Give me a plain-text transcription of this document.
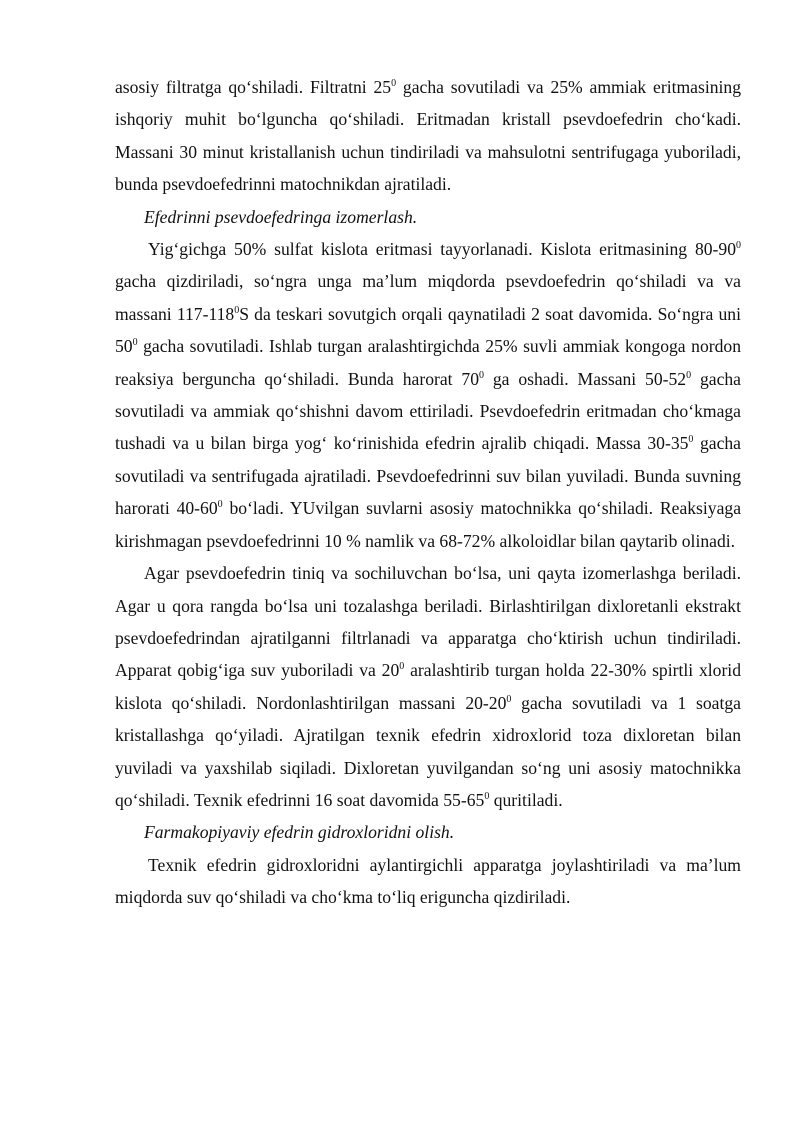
asosiy filtratga qo‘shiladi. Filtratni $25^0$ gacha sovutiladi va 25% ammiak eritmasining ishqoriy muhit bo‘lguncha qo‘shiladi. Eritmadan kristall psevdoefedrin cho‘kadi. Massani 30 minut kristallanish uchun tindiriladi va mahsulotni sentrifugaga yuboriladi, bunda psevdoefedrinni matochnikdan ajratiladi.

Efedrinni psevdoefedringa izomerlash.

Yig‘gichga 50% sulfat kislota eritmasi tayyorlanadi. Kislota eritmasining $80-90^0$ gacha qizdiriladi, so‘ngra unga ma’lum miqdorda psevdoefedrin qo‘shiladi va va massani $117-118^0S$ da teskari sovutgich orqali qaynatiladi 2 soat davomida. So‘ngra uni $50^0$ gacha sovutiladi. Ishlab turgan aralashtirgichda 25% suvli ammiak kongoga nordon reaksiya berguncha qo‘shiladi. Bunda harorat $70^0$ ga oshadi. Massani $50-52^0$ gacha sovutiladi va ammiak qo‘shishni davom ettiriladi. Psevdoefedrin eritmadan cho‘kmaga tushadi va u bilan birga yog‘ ko‘rinishida efedrin ajralib chiqadi. Massa $30-35^0$ gacha sovutiladi va sentrifugada ajratiladi. Psevdoefedrinni suv bilan yuviladi. Bunda suvning harorati $40-60^0$ bo‘ladi. YUvilgan suvlarni asosiy matochnikka qo‘shiladi. Reaksiyaga kirishmagan psevdoefedrinni 10 % namlik va 68-72% alkoloidlar bilan qaytarib olinadi.

Agar psevdoefedrin tiniq va sochiluvchan bo‘lsa, uni qayta izomerlashga beriladi. Agar u qora rangda bo‘lsa uni tozalashga beriladi. Birlashtirilgan dixloretanli ekstrakt psevdoefedrindan ajratilganni filtrlanadi va apparatga cho‘ktirish uchun tindiriladi. Apparat qobig‘iga suv yuboriladi va $20^0$ aralashtirib turgan holda 22-30% spirtli xlorid kislota qo‘shiladi. Nordonlashtirilgan massani $20-20^0$ gacha sovutiladi va 1 soatga kristallashga qo‘yiladi. Ajratilgan texnik efedrin xidroxlorid toza dixloretan bilan yuviladi va yaxshilab siqiladi. Dixloretan yuvilgandan so‘ng uni asosiy matochnikka qo‘shiladi. Texnik efedrinni 16 soat davomida $55-65^0$ quritiladi.

Farmakopiyaviy efedrin gidroxloridni olish.

Texnik efedrin gidroxloridni aylantirgichli apparatga joylashtiriladi va ma’lum miqdorda suv qo‘shiladi va cho‘kma to‘liq eriguncha qizdiriladi.
